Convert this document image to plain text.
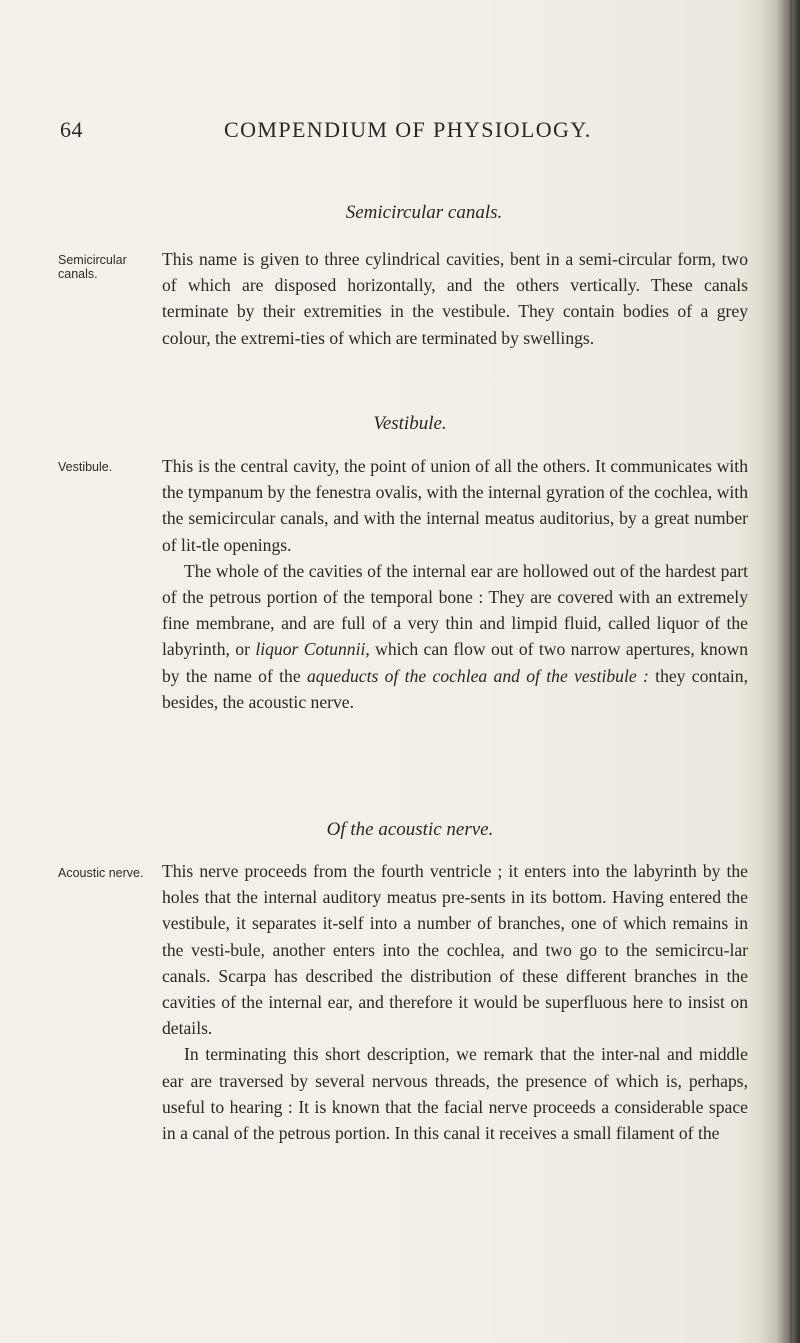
64	COMPENDIUM OF PHYSIOLOGY.
Semicircular canals.
Semicircular canals.

This name is given to three cylindrical cavities, bent in a semi-circular form, two of which are disposed horizontally, and the others vertically. These canals terminate by their extremities in the vestibule. They contain bodies of a grey colour, the extremi-ties of which are terminated by swellings.

Vestibule.
Vestibule.	This is the central cavity, the point of union of all the others. It communicates with the tympanum by the fenestra ovalis, with the internal gyration of the cochlea, with the semicircular canals, and with the internal meatus auditorius, by a great number of lit-tle openings.

The whole of the cavities of the internal ear are hollowed out of the hardest part of the petrous portion of the temporal bone : They are covered with an extremely fine membrane, and are full of a very thin and limpid fluid, called liquor of the labyrinth, or liquor Cotunnii, which can flow out of two narrow apertures, known by the name of the aqueducts of the cochlea and of the vestibule : they contain, besides, the acoustic nerve.

Of the acoustic nerve.
Acoustic nerve. This nerve proceeds from the fourth ventricle ; it enters into the labyrinth by the holes that the internal auditory meatus pre-sents in its bottom. Having entered the vestibule, it separates it-self into a number of branches, one of which remains in the vesti-bule, another enters into the cochlea, and two go to the semicircu-lar canals. Scarpa has described the distribution of these different branches in the cavities of the internal ear, and therefore it would be superfluous here to insist on details.

In terminating this short description, we remark that the inter-nal and middle ear are traversed by several nervous threads, the presence of which is, perhaps, useful to hearing : It is known that the facial nerve proceeds a considerable space in a canal of the petrous portion. In this canal it receives a small filament of the
